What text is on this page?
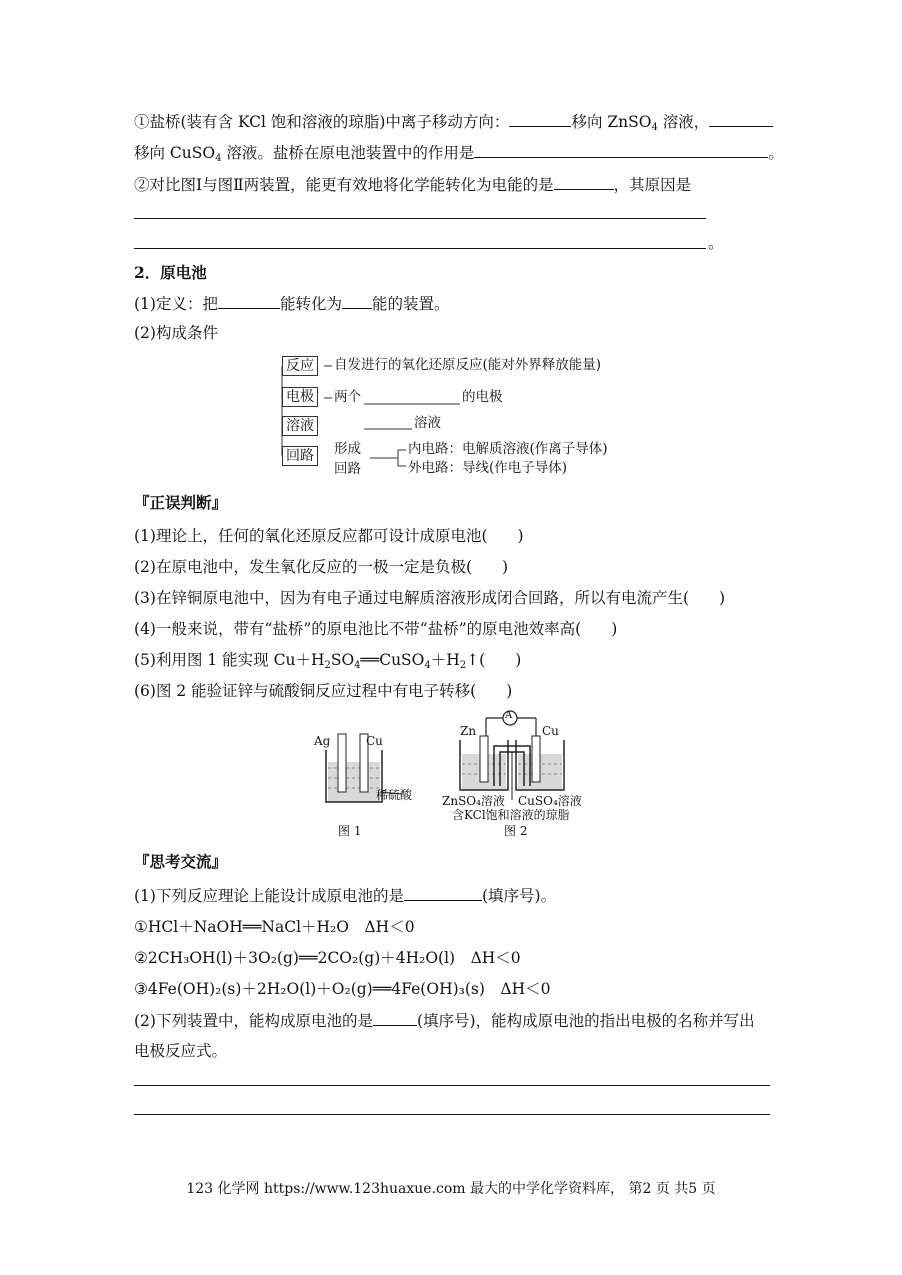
①盐桥(装有含 KCl 饱和溶液的琼脂)中离子移动方向：	移向 ZnSO$_4$ 溶液，
移向 CuSO$_4$ 溶液。盐桥在原电池装置中的作用是	。
②对比图Ⅰ与图Ⅱ两装置，能更有效地将化学能转化为电能的是	，其原因是
。
2．原电池
(1)定义：把	能转化为 能的装置。
(2)构成条件
反应 自发进行的氧化还原反应(能对外界释放能量)
电极 两个	的电极
溶液	溶液
回路 形成
回路
内电路：电解质溶液(作离子导体)
外电路：导线(作电子导体)
『正误判断』
(1)理论上，任何的氧化还原反应都可设计成原电池( )
(2)在原电池中，发生氧化反应的一极一定是负极( )
(3)在锌铜原电池中，因为有电子通过电解质溶液形成闭合回路，所以有电流产生( )
(4)一般来说，带有“盐桥”的原电池比不带“盐桥”的原电池效率高( )
(5)利用图 1 能实现 $Cu+H_2SO_4══CuSO_4+H_2↑$( )
(6)图 2 能验证锌与硫酸铜反应过程中有电子转移( )
Ag	Cu
稀硫酸
图 1
A
Zn	Cu
ZnSO₄溶液 CuSO₄溶液
含KCl饱和溶液的琼脂
图 2
『思考交流』
(1)下列反应理论上能设计成原电池的是	(填序号)。
①HCl＋NaOH══NaCl＋H₂O　ΔH＜0
②2CH₃OH(l)＋3O₂(g)══2CO₂(g)＋4H₂O(l)　ΔH＜0
③4Fe(OH)₂(s)＋2H₂O(l)＋O₂(g)══4Fe(OH)₃(s)　ΔH＜0
(2)下列装置中，能构成原电池的是	(填序号)，能构成原电池的指出电极的名称并写出
电极反应式。
123 化学网 https://www.123huaxue.com 最大的中学化学资料库， 第2 页 共5 页
